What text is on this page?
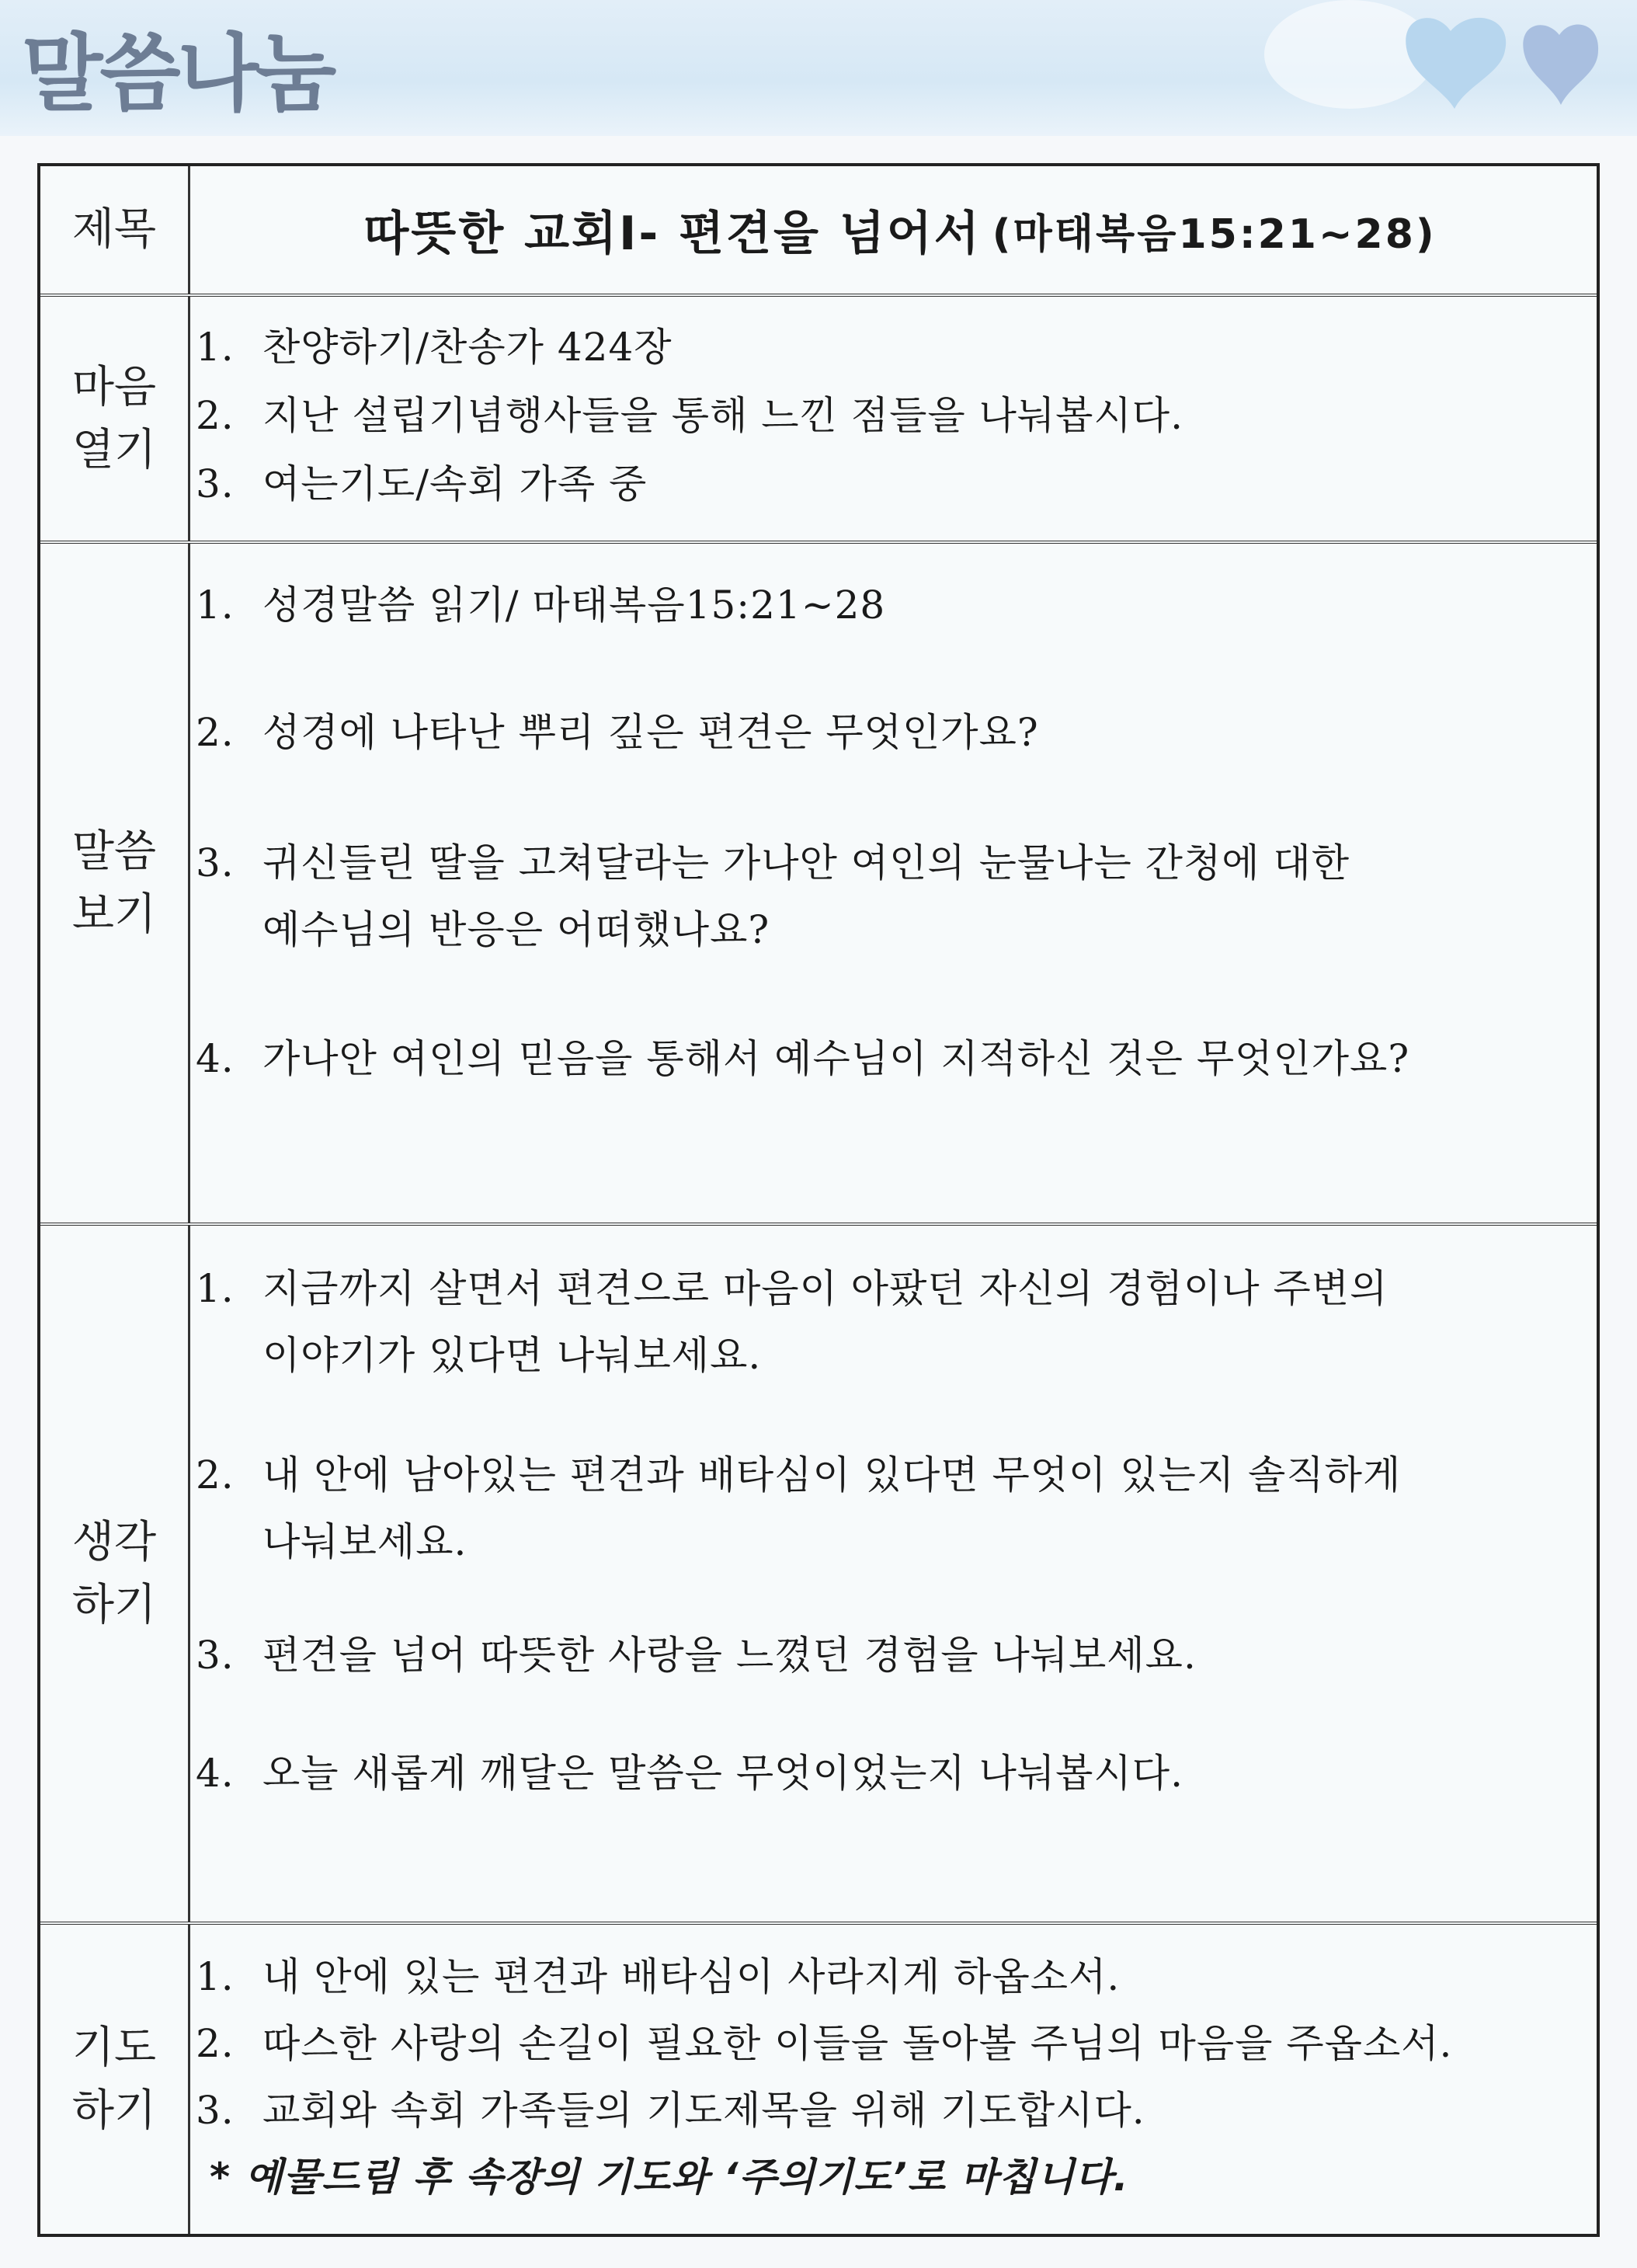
말씀나눔
제목	따뜻한 교회Ⅰ- 편견을 넘어서 (마태복음15:21~28)
마음
열기
1. 찬양하기/찬송가 424장
2. 지난 설립기념행사들을 통해 느낀 점들을 나눠봅시다.
3. 여는기도/속회 가족 중
말씀
보기
1. 성경말씀 읽기/ 마태복음15:21~28
2. 성경에 나타난 뿌리 깊은 편견은 무엇인가요?
3. 귀신들린 딸을 고쳐달라는 가나안 여인의 눈물나는 간청에 대한
예수님의 반응은 어떠했나요?
4. 가나안 여인의 믿음을 통해서 예수님이 지적하신 것은 무엇인가요?
생각
하기
1. 지금까지 살면서 편견으로 마음이 아팠던 자신의 경험이나 주변의
이야기가 있다면 나눠보세요.
2. 내 안에 남아있는 편견과 배타심이 있다면 무엇이 있는지 솔직하게
나눠보세요.
3. 편견을 넘어 따뜻한 사랑을 느꼈던 경험을 나눠보세요.
4. 오늘 새롭게 깨달은 말씀은 무엇이었는지 나눠봅시다.
기도
하기
1. 내 안에 있는 편견과 배타심이 사라지게 하옵소서.
2. 따스한 사랑의 손길이 필요한 이들을 돌아볼 주님의 마음을 주옵소서.
3. 교회와 속회 가족들의 기도제목을 위해 기도합시다.
* 예물드림 후 속장의 기도와 ‘주의기도’로 마칩니다.
